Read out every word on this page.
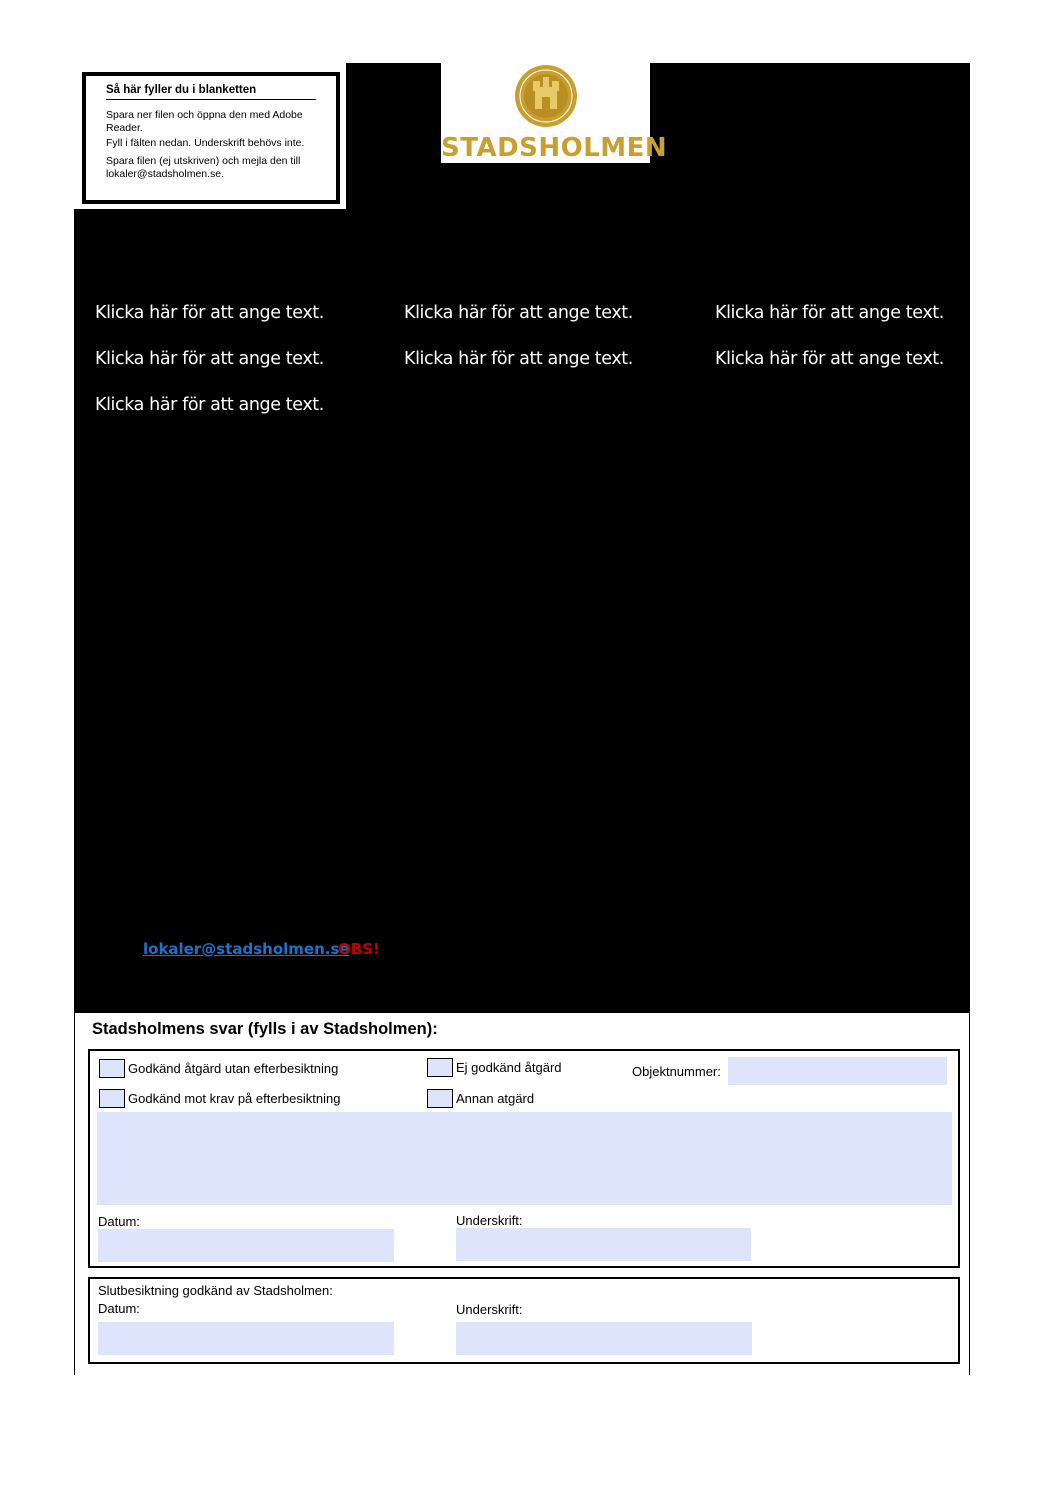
Så här fyller du i blanketten
Spara ner filen och öppna den med Adobe Reader.
Fyll i fälten nedan. Underskrift behövs inte.
Spara filen (ej utskriven) och mejla den till lokaler@stadsholmen.se.
STADSHOLMEN
Klicka här för att ange text.	Klicka här för att ange text.	Klicka här för att ange text.
Klicka här för att ange text.	Klicka här för att ange text.	Klicka här för att ange text.
Klicka här för att ange text.
lokaler@stadsholmen.se
OBS!
Stadsholmens svar (fylls i av Stadsholmen):
Godkänd åtgärd utan efterbesiktning	Ej godkänd åtgärd	Objektnummer:
Godkänd mot krav på efterbesiktning	Annan atgärd
Datum:	Underskrift:
Slutbesiktning godkänd av Stadsholmen:
Datum:	Underskrift:
